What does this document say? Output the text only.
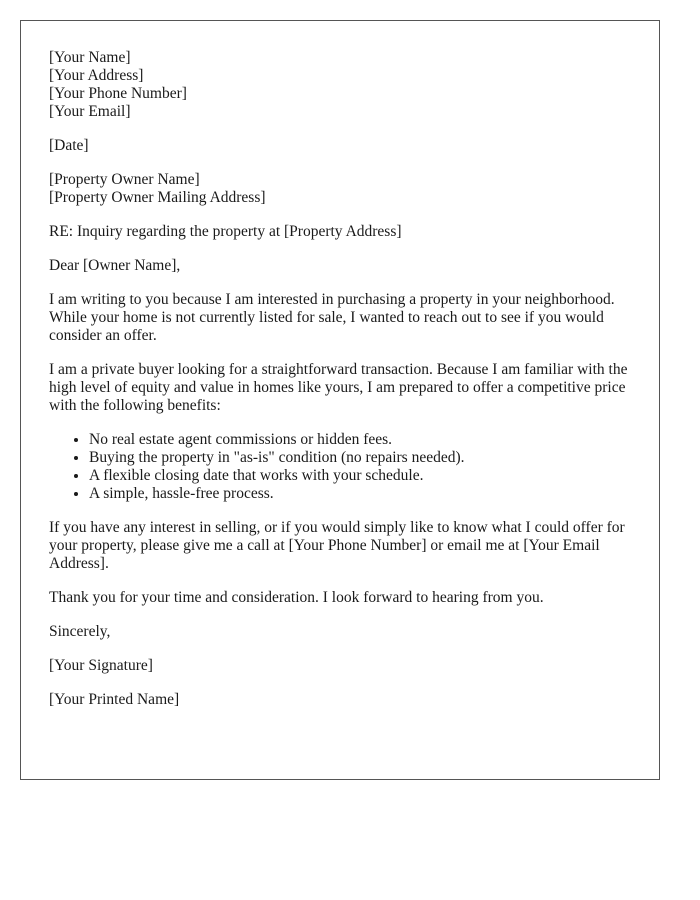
[Your Name]
[Your Address]
[Your Phone Number]
[Your Email]
[Date]
[Property Owner Name]
[Property Owner Mailing Address]

RE: Inquiry regarding the property at [Property Address]

Dear [Owner Name],

I am writing to you because I am interested in purchasing a property in your neighborhood. While your home is not currently listed for sale, I wanted to reach out to see if you would consider an offer.

I am a private buyer looking for a straightforward transaction. Because I am familiar with the high level of equity and value in homes like yours, I am prepared to offer a competitive price with the following benefits:

• No real estate agent commissions or hidden fees.
• Buying the property in "as-is" condition (no repairs needed).
• A flexible closing date that works with your schedule.
• A simple, hassle-free process.

If you have any interest in selling, or if you would simply like to know what I could offer for your property, please give me a call at [Your Phone Number] or email me at [Your Email Address].

Thank you for your time and consideration. I look forward to hearing from you.

Sincerely,

[Your Signature]

[Your Printed Name]
